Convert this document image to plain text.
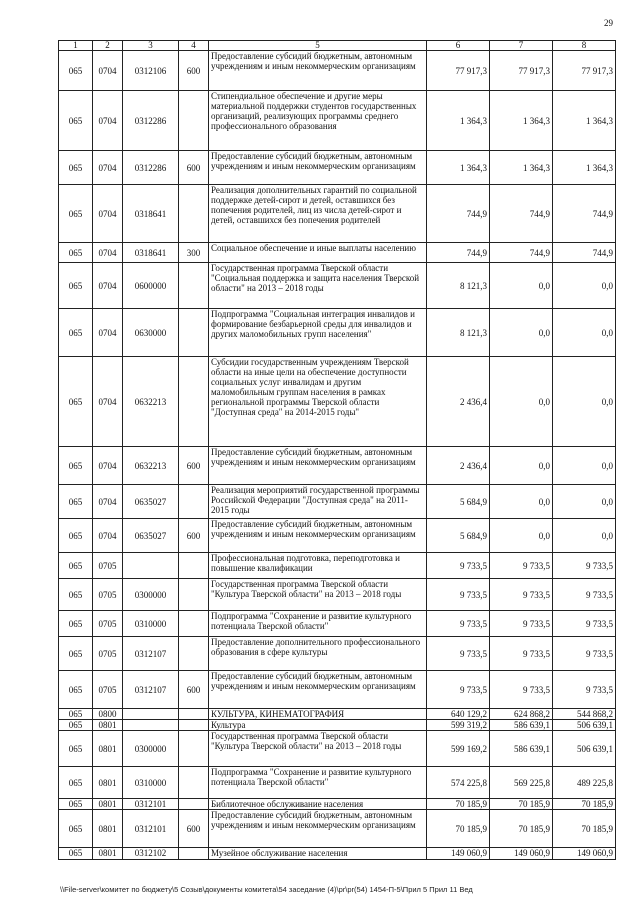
29
1	2	3	4	5	6	7	8
065	0704	0312106	600	Предоставление субсидий бюджетным, автономным учреждениям и иным некоммерческим организациям	77 917,3	77 917,3	77 917,3
065	0704	0312286		Стипендиальное обеспечение и другие меры материальной поддержки студентов государственных организаций, реализующих программы среднего профессионального образования	1 364,3	1 364,3	1 364,3
065	0704	0312286	600	Предоставление субсидий бюджетным, автономным учреждениям и иным некоммерческим организациям	1 364,3	1 364,3	1 364,3
065	0704	0318641		Реализация дополнительных гарантий по социальной поддержке детей-сирот и детей, оставшихся без попечения родителей, лиц из числа детей-сирот и детей, оставшихся без попечения родителей	744,9	744,9	744,9
065	0704	0318641	300	Социальное обеспечение и иные выплаты населению	744,9	744,9	744,9
065	0704	0600000		Государственная программа Тверской области "Социальная поддержка и защита населения Тверской области" на 2013 – 2018 годы	8 121,3	0,0	0,0
065	0704	0630000		Подпрограмма "Социальная интеграция инвалидов и формирование безбарьерной среды для инвалидов и других маломобильных групп населения"	8 121,3	0,0	0,0
065	0704	0632213		Субсидии государственным учреждениям Тверской области на иные цели на обеспечение доступности социальных услуг инвалидам и другим маломобильным группам населения в рамках региональной программы Тверской области "Доступная среда" на 2014-2015 годы"	2 436,4	0,0	0,0
065	0704	0632213	600	Предоставление субсидий бюджетным, автономным учреждениям и иным некоммерческим организациям	2 436,4	0,0	0,0
065	0704	0635027		Реализация мероприятий государственной программы Российской Федерации "Доступная среда" на 2011-2015 годы	5 684,9	0,0	0,0
065	0704	0635027	600	Предоставление субсидий бюджетным, автономным учреждениям и иным некоммерческим организациям	5 684,9	0,0	0,0
065	0705			Профессиональная подготовка, переподготовка и повышение квалификации	9 733,5	9 733,5	9 733,5
065	0705	0300000		Государственная программа Тверской области "Культура Тверской области" на 2013 – 2018 годы	9 733,5	9 733,5	9 733,5
065	0705	0310000		Подпрограмма "Сохранение и развитие культурного потенциала Тверской области"	9 733,5	9 733,5	9 733,5
065	0705	0312107		Предоставление дополнительного профессионального образования в сфере культуры	9 733,5	9 733,5	9 733,5
065	0705	0312107	600	Предоставление субсидий бюджетным, автономным учреждениям и иным некоммерческим организациям	9 733,5	9 733,5	9 733,5
065	0800			КУЛЬТУРА, КИНЕМАТОГРАФИЯ	640 129,2	624 868,2	544 868,2
065	0801			Культура	599 319,2	586 639,1	506 639,1
065	0801	0300000		Государственная программа Тверской области "Культура Тверской области" на 2013 – 2018 годы	599 169,2	586 639,1	506 639,1
065	0801	0310000		Подпрограмма "Сохранение и развитие культурного потенциала Тверской области"	574 225,8	569 225,8	489 225,8
065	0801	0312101		Библиотечное обслуживание населения	70 185,9	70 185,9	70 185,9
065	0801	0312101	600	Предоставление субсидий бюджетным, автономным учреждениям и иным некоммерческим организациям	70 185,9	70 185,9	70 185,9
065	0801	0312102		Музейное обслуживание населения	149 060,9	149 060,9	149 060,9
\\File-server\комитет по бюджету\5 Созыв\документы комитета\54 заседание (4)\pr\pr(54) 1454-П-5\Прил 5 Прил 11 Вед
